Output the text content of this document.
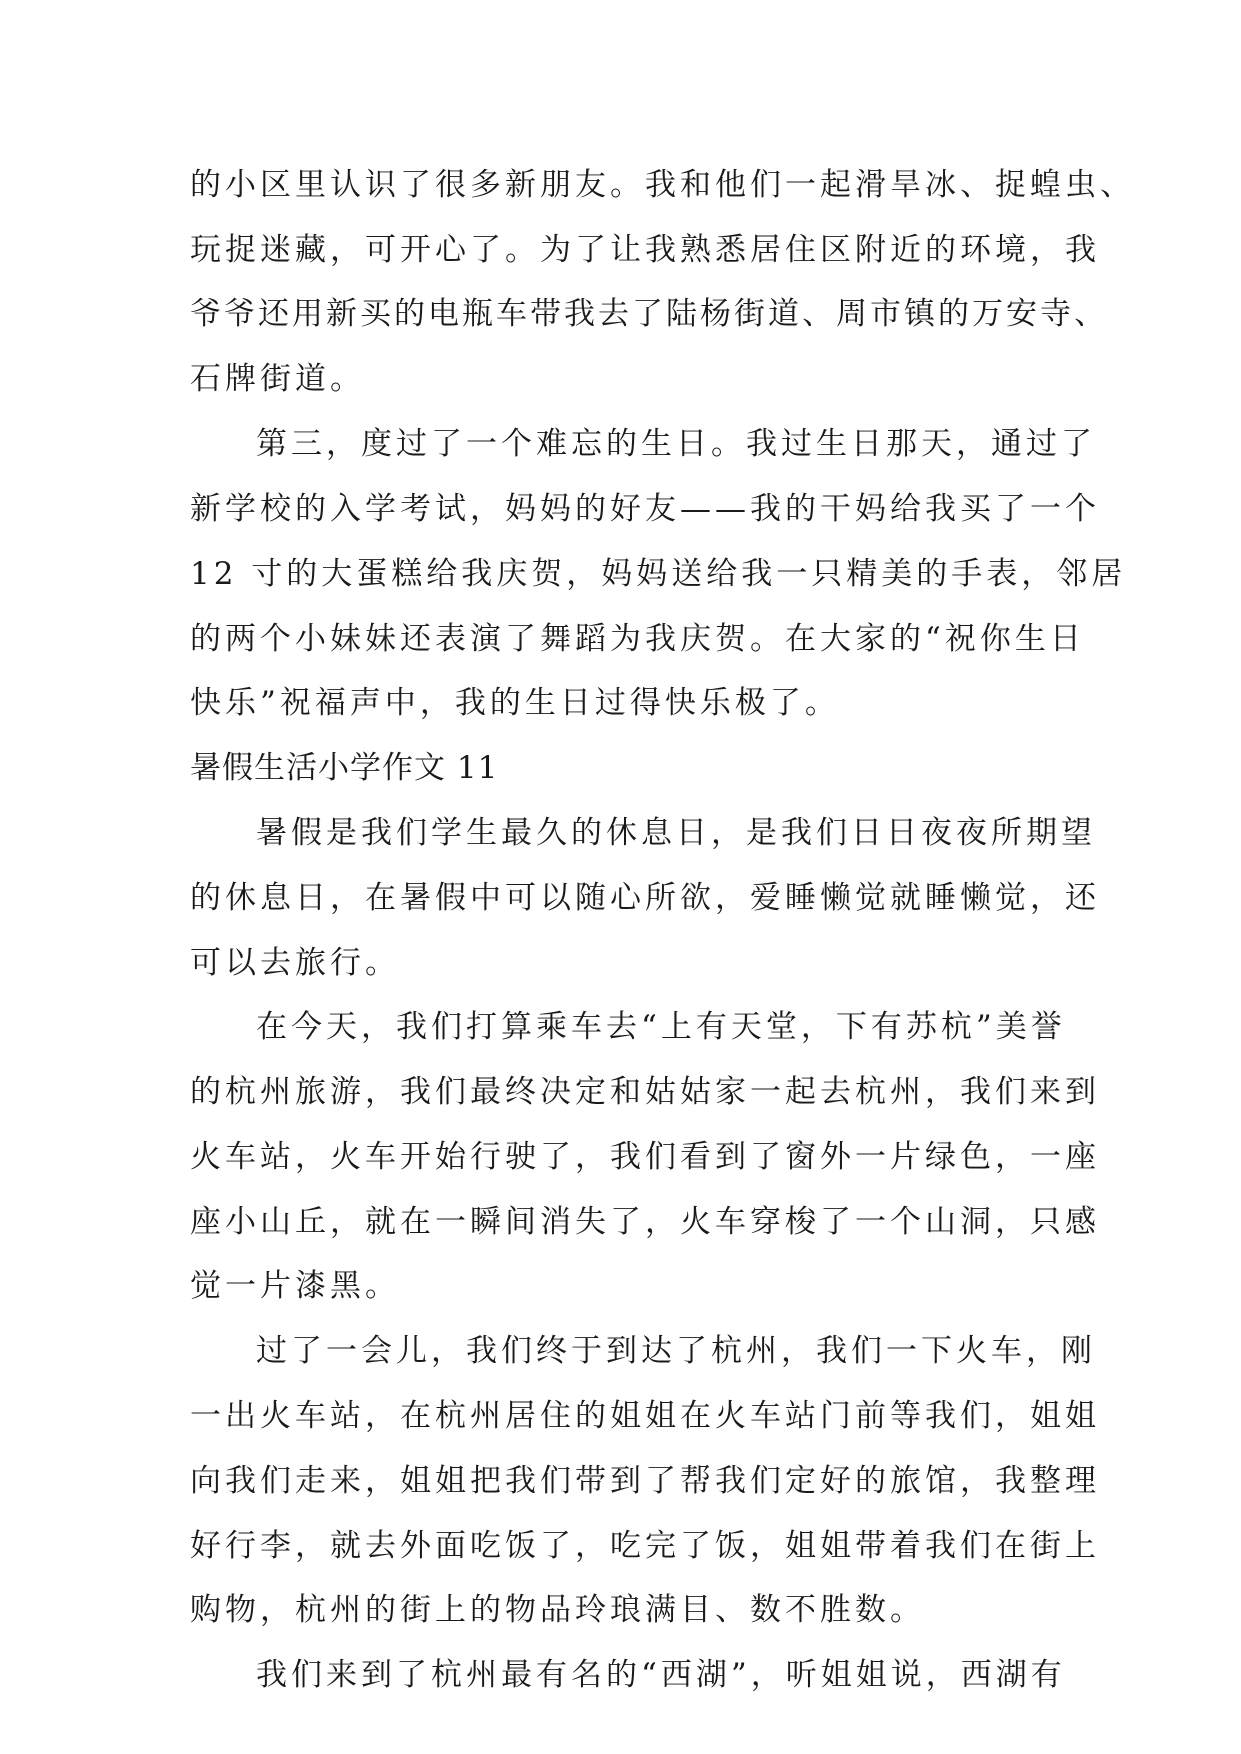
的小区里认识了很多新朋友。我和他们一起滑旱冰、捉蝗虫、
玩捉迷藏，可开心了。为了让我熟悉居住区附近的环境，我
爷爷还用新买的电瓶车带我去了陆杨街道、周市镇的万安寺、
石牌街道。
第三，度过了一个难忘的生日。我过生日那天，通过了
新学校的入学考试，妈妈的好友——我的干妈给我买了一个
12 寸的大蛋糕给我庆贺，妈妈送给我一只精美的手表，邻居
的两个小妹妹还表演了舞蹈为我庆贺。在大家的“祝你生日
快乐”祝福声中，我的生日过得快乐极了。
暑假生活小学作文 11
暑假是我们学生最久的休息日，是我们日日夜夜所期望
的休息日，在暑假中可以随心所欲，爱睡懒觉就睡懒觉，还
可以去旅行。
在今天，我们打算乘车去“上有天堂，下有苏杭”美誉
的杭州旅游，我们最终决定和姑姑家一起去杭州，我们来到
火车站，火车开始行驶了，我们看到了窗外一片绿色，一座
座小山丘，就在一瞬间消失了，火车穿梭了一个山洞，只感
觉一片漆黑。
过了一会儿，我们终于到达了杭州，我们一下火车，刚
一出火车站，在杭州居住的姐姐在火车站门前等我们，姐姐
向我们走来，姐姐把我们带到了帮我们定好的旅馆，我整理
好行李，就去外面吃饭了，吃完了饭，姐姐带着我们在街上
购物，杭州的街上的物品玲琅满目、数不胜数。
我们来到了杭州最有名的“西湖”，听姐姐说，西湖有
